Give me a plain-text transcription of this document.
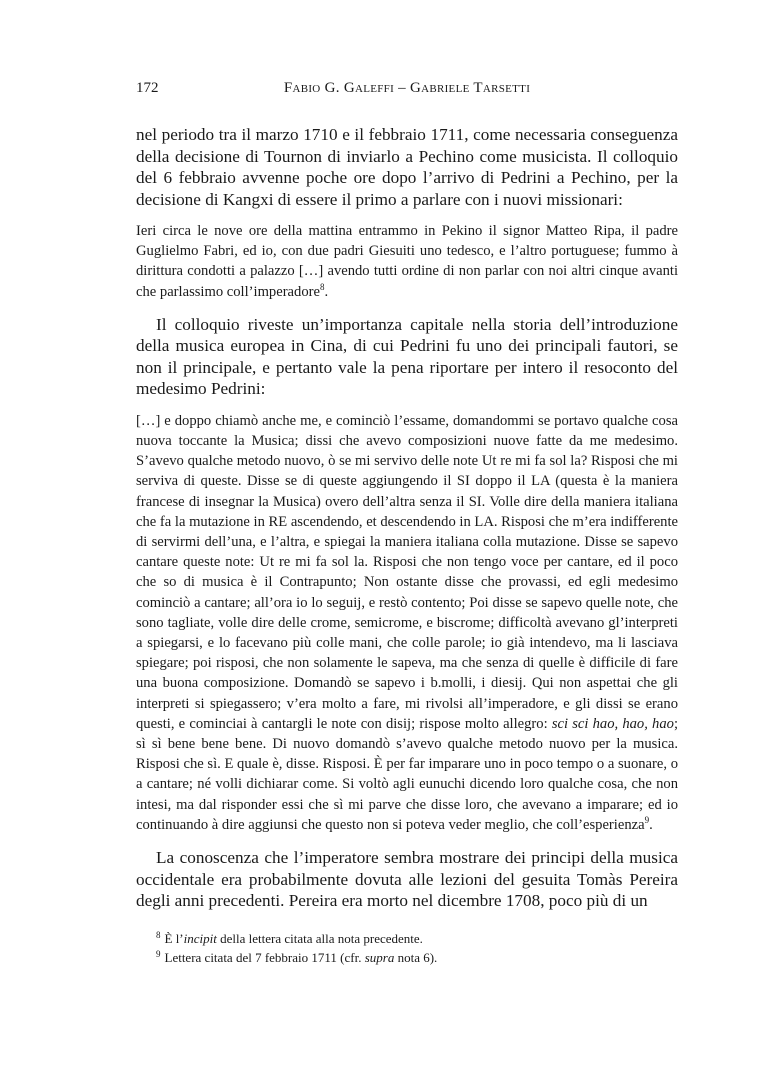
172	Fabio G. Galeffi – Gabriele Tarsetti

nel periodo tra il marzo 1710 e il febbraio 1711, come necessaria conseguenza della decisione di Tournon di inviarlo a Pechino come musicista. Il colloquio del 6 febbraio avvenne poche ore dopo l’arrivo di Pedrini a Pechino, per la decisione di Kangxi di essere il primo a parlare con i nuovi missionari:

Ieri circa le nove ore della mattina entrammo in Pekino il signor Matteo Ripa, il padre Guglielmo Fabri, ed io, con due padri Giesuiti uno tedesco, e l’altro portuguese; fummo à dirittura condotti a palazzo […] avendo tutti ordine di non parlar con noi altri cinque avanti che parlassimo coll’imperadore$^8$.

Il colloquio riveste un’importanza capitale nella storia dell’introduzione della musica europea in Cina, di cui Pedrini fu uno dei principali fautori, se non il principale, e pertanto vale la pena riportare per intero il resoconto del medesimo Pedrini:

[…] e doppo chiamò anche me, e cominciò l’essame, domandommi se portavo qualche cosa nuova toccante la Musica; dissi che avevo composizioni nuove fatte da me medesimo. S’avevo qualche metodo nuovo, ò se mi servivo delle note Ut re mi fa sol la? Risposi che mi serviva di queste. Disse se di queste aggiungendo il SI doppo il LA (questa è la maniera francese di insegnar la Musica) overo dell’altra senza il SI. Volle dire della maniera italiana che fa la mutazione in RE ascendendo, et descendendo in LA. Risposi che m’era indifferente di servirmi dell’una, e l’altra, e spiegai la maniera italiana colla mutazione. Disse se sapevo cantare queste note: Ut re mi fa sol la. Risposi che non tengo voce per cantare, ed il poco che so di musica è il Contrapunto; Non ostante disse che provassi, ed egli medesimo cominciò a cantare; all’ora io lo seguij, e restò contento; Poi disse se sapevo quelle note, che sono tagliate, volle dire delle crome, semicrome, e biscrome; difficoltà avevano gl’interpreti a spiegarsi, e lo facevano più colle mani, che colle parole; io già intendevo, ma li lasciava spiegare; poi risposi, che non solamente le sapeva, ma che senza di quelle è difficile di fare una buona composizione. Domandò se sapevo i b.molli, i diesij. Qui non aspettai che gli interpreti si spiegassero; v’era molto a fare, mi rivolsi all’imperadore, e gli dissi se erano questi, e cominciai à cantargli le note con disij; rispose molto allegro: sci sci hao, hao, hao; sì sì bene bene bene. Di nuovo domandò s’avevo qualche metodo nuovo per la musica. Risposi che sì. E quale è, disse. Risposi. È per far imparare uno in poco tempo o a suonare, o a cantare; né volli dichiarar come. Si voltò agli eunuchi dicendo loro qualche cosa, che non intesi, ma dal risponder essi che sì mi parve che disse loro, che avevano a imparare; ed io continuando à dire aggiunsi che questo non si poteva veder meglio, che coll’esperienza$^9$.

La conoscenza che l’imperatore sembra mostrare dei principi della musica occidentale era probabilmente dovuta alle lezioni del gesuita Tomàs Pereira degli anni precedenti. Pereira era morto nel dicembre 1708, poco più di un

$^8$ È l’incipit della lettera citata alla nota precedente.

$^9$ Lettera citata del 7 febbraio 1711 (cfr. supra nota 6).
